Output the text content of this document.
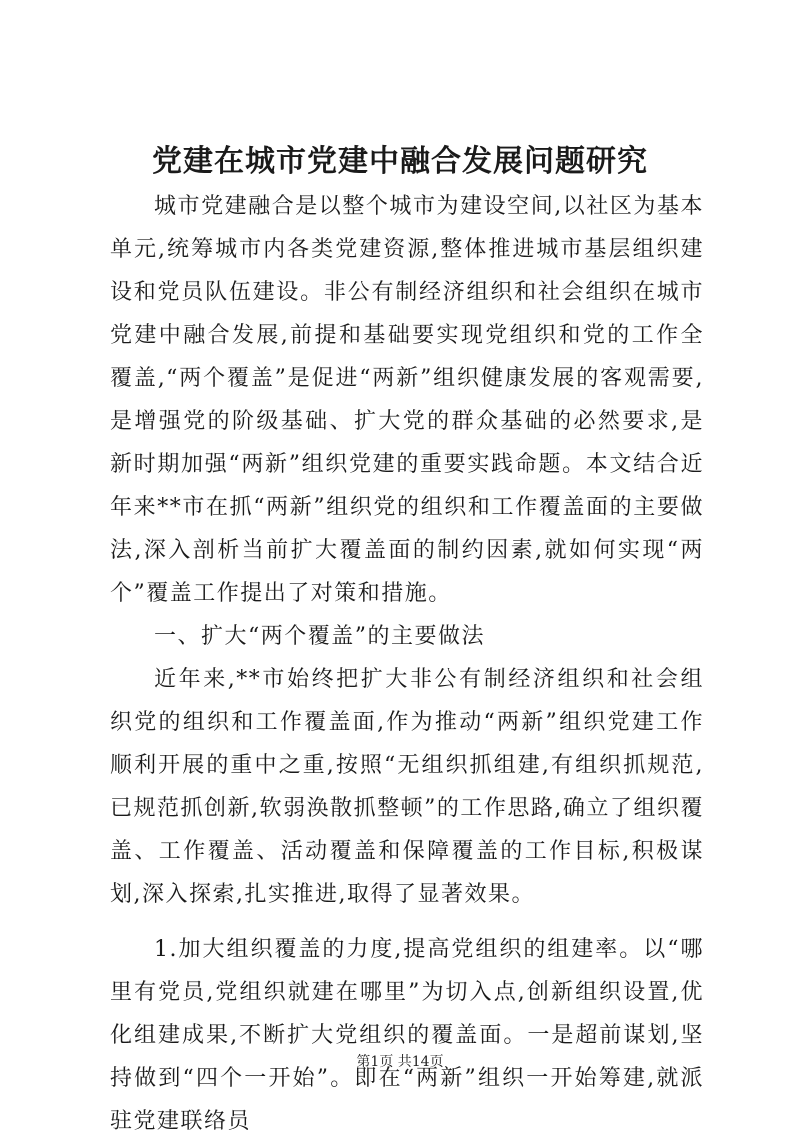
党建在城市党建中融合发展问题研究

城市党建融合是以整个城市为建设空间,以社区为基本单元,统筹城市内各类党建资源,整体推进城市基层组织建设和党员队伍建设。非公有制经济组织和社会组织在城市党建中融合发展,前提和基础要实现党组织和党的工作全覆盖,“两个覆盖”是促进“两新”组织健康发展的客观需要,是增强党的阶级基础、扩大党的群众基础的必然要求,是新时期加强“两新”组织党建的重要实践命题。本文结合近年来**市在抓“两新”组织党的组织和工作覆盖面的主要做法,深入剖析当前扩大覆盖面的制约因素,就如何实现“两个”覆盖工作提出了对策和措施。

一、扩大“两个覆盖”的主要做法

近年来,**市始终把扩大非公有制经济组织和社会组织党的组织和工作覆盖面,作为推动“两新”组织党建工作顺利开展的重中之重,按照“无组织抓组建,有组织抓规范,已规范抓创新,软弱涣散抓整顿”的工作思路,确立了组织覆盖、工作覆盖、活动覆盖和保障覆盖的工作目标,积极谋划,深入探索,扎实推进,取得了显著效果。

1.加大组织覆盖的力度,提高党组织的组建率。以“哪里有党员,党组织就建在哪里”为切入点,创新组织设置,优化组建成果,不断扩大党组织的覆盖面。一是超前谋划,坚持做到“四个一开始”。即在“两新”组织一开始筹建,就派驻党建联络员

第1页 共14页
